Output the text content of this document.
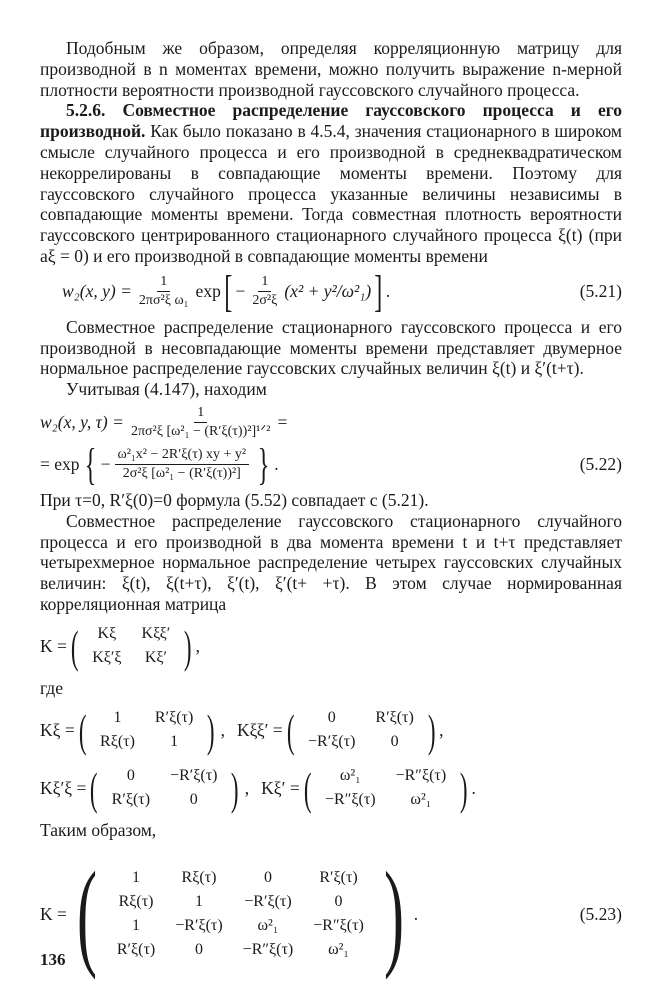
Подобным же образом, определяя корреляционную матрицу для производной в n моментах времени, можно получить выражение n-мерной плотности вероятности производной гауссовского случайного процесса.

5.2.6. Совместное распределение гауссовского процесса и его производной. Как было показано в 4.5.4, значения стационарного в широком смысле случайного процесса и его производной в среднеквадратическом некоррелированы в совпадающие моменты времени. Поэтому для гауссовского случайного процесса указанные величины независимы в совпадающие моменты времени. Тогда совместная плотность вероятности гауссовского центрированного стационарного случайного процесса ξ(t) (при aξ = 0) и его производной в совпадающие моменты времени

w₂(x, $y) = \frac{1}{\text{2πσ²ξ ω₁}}$ exp [ − $\frac{1}{\text{2σ²ξ}} (x^2 + y^2/\omega^2_1)$ ] .	(5.21)

Совместное распределение стационарного гауссовского процесса и его производной в несовпадающие моменты времени представляет двумерное нормальное распределение гауссовских случайных величин ξ(t) и ξ′(t+τ).

Учитывая (4.147), находим

w₂(x, y, $\tau) = \frac{1}{\text{2πσ²ξ [ω²₁ − (R′ξ(τ))²]¹ᐟ²}}$ =
= exp { − $\frac{\text{ω²₁x² − 2R′ξ(τ) xy + y²}}{\text{2σ²ξ [ω²₁ − (R′ξ(τ))²]}}$ } .	(5.22)

При τ=0, R′ξ(0)=0 формула (5.52) совпадает с (5.21).

Совместное распределение гауссовского стационарного случайного процесса и его производной в два момента времени t и t+τ представляет четырехмерное нормальное распределение четырех гауссовских случайных величин: ξ(t), ξ(t+τ), ξ′(t), ξ′(t+ +τ). В этом случае нормированная корреляционная матрица

K = ( Kξ	Kξξ′
Kξ′ξ	Kξ′ ) ,

где

Kξ = ( 1	R′ξ(τ)
Rξ(τ)	1 ) , Kξξ′ = ( 0	R′ξ(τ)
−R′ξ(τ)	0 ) ,
Kξ′ξ = ( 0	−R′ξ(τ)
R′ξ(τ)	0 ) , Kξ′ = ( ω²₁	−R″ξ(τ)
−R″ξ(τ)	ω²₁ ) .

Таким образом,

K = ( 1	Rξ(τ)	0	R′ξ(τ)
Rξ(τ)	1	−R′ξ(τ)	0
1	−R′ξ(τ)	ω²₁	−R″ξ(τ)
R′ξ(τ)	0	−R″ξ(τ)	ω²₁ ) .	(5.23)
136
